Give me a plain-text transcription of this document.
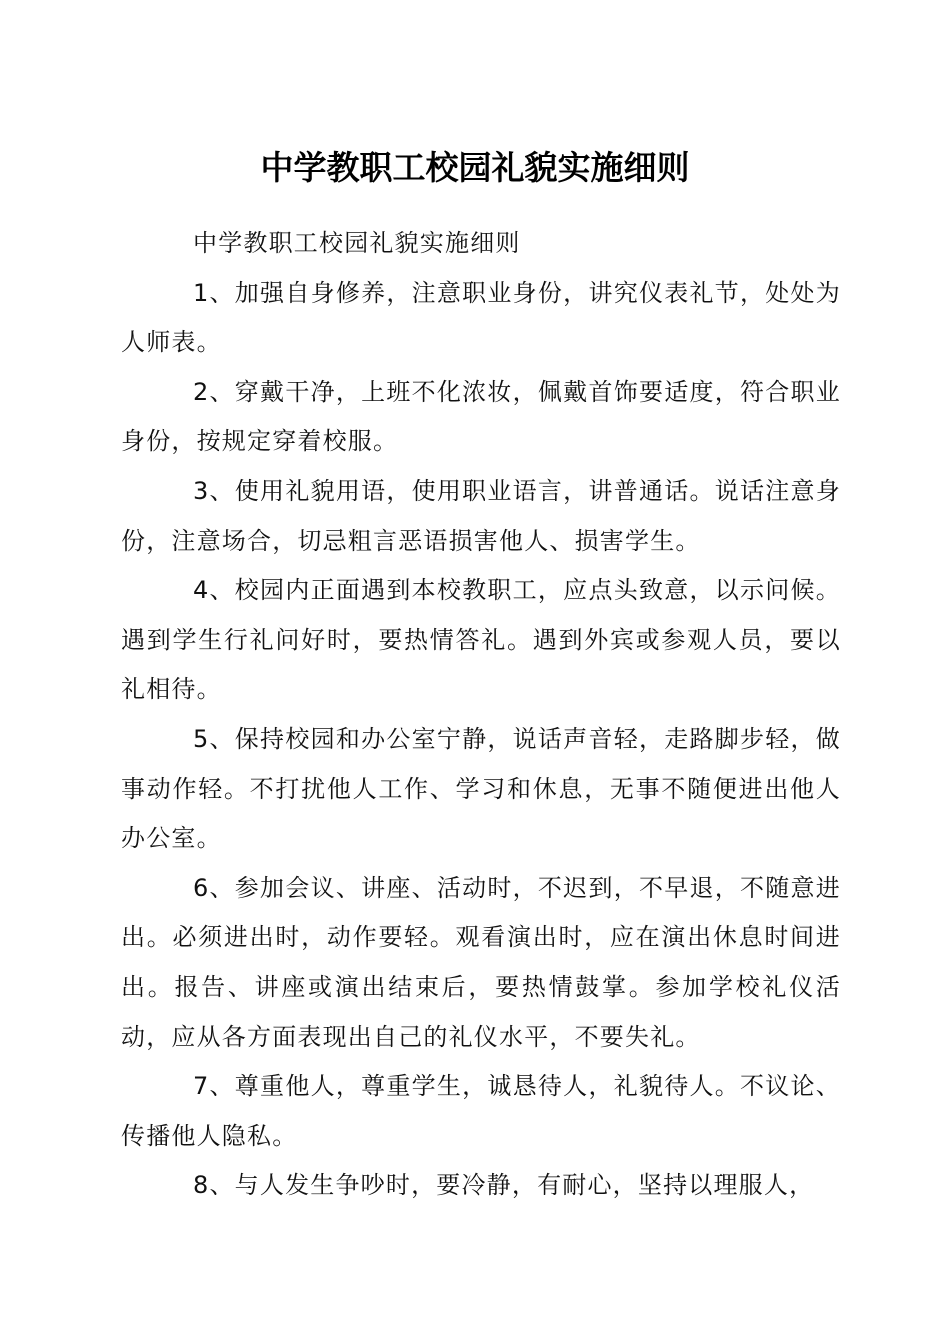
中学教职工校园礼貌实施细则

中学教职工校园礼貌实施细则

1、加强自身修养，注意职业身份，讲究仪表礼节，处处为人师表。

2、穿戴干净，上班不化浓妆，佩戴首饰要适度，符合职业身份，按规定穿着校服。

3、使用礼貌用语，使用职业语言，讲普通话。说话注意身份，注意场合，切忌粗言恶语损害他人、损害学生。

4、校园内正面遇到本校教职工，应点头致意，以示问候。遇到学生行礼问好时，要热情答礼。遇到外宾或参观人员，要以礼相待。

5、保持校园和办公室宁静，说话声音轻，走路脚步轻，做事动作轻。不打扰他人工作、学习和休息，无事不随便进出他人办公室。

6、参加会议、讲座、活动时，不迟到，不早退，不随意进出。必须进出时，动作要轻。观看演出时，应在演出休息时间进出。报告、讲座或演出结束后，要热情鼓掌。参加学校礼仪活动，应从各方面表现出自己的礼仪水平，不要失礼。

7、尊重他人，尊重学生，诚恳待人，礼貌待人。不议论、传播他人隐私。

8、与人发生争吵时，要冷静，有耐心，坚持以理服人，
